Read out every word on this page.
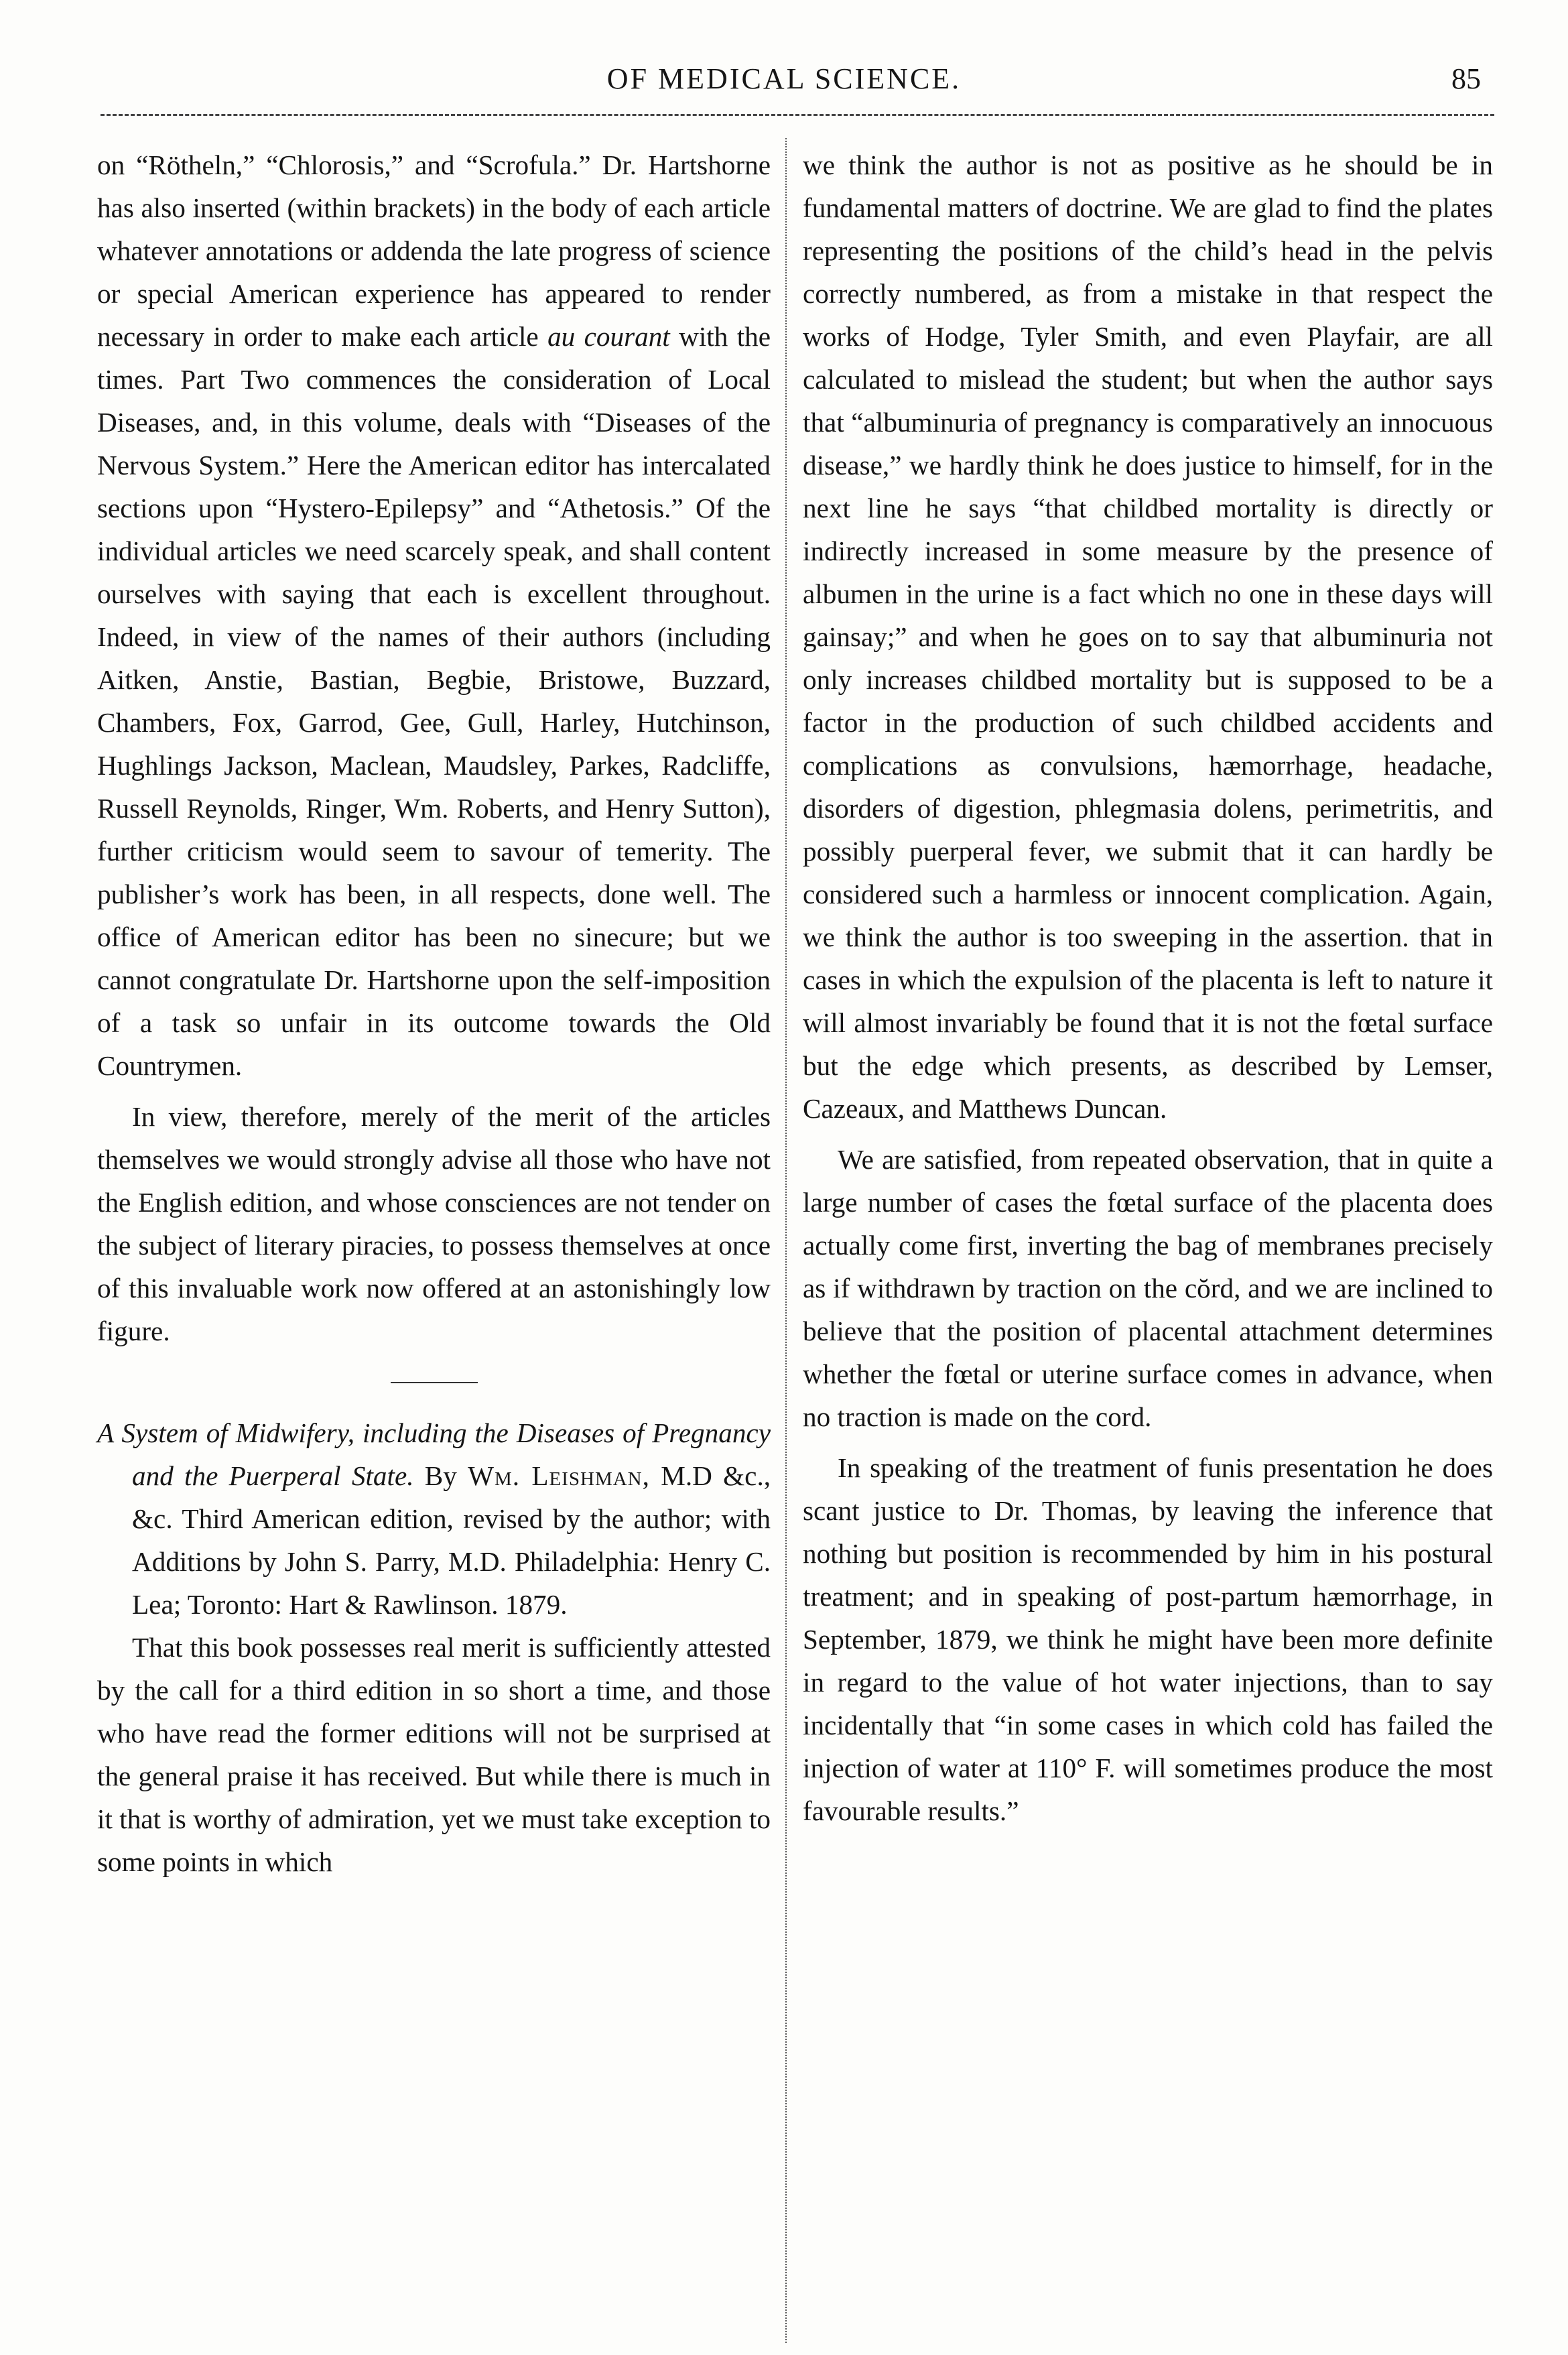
OF MEDICAL SCIENCE.	85

on “Rötheln,” “Chlorosis,” and “Scrofula.” Dr. Hartshorne has also inserted (within brackets) in the body of each article whatever annotations or addenda the late progress of science or special American experience has appeared to render necessary in order to make each article au courant with the times. Part Two commences the consideration of Local Diseases, and, in this volume, deals with “Diseases of the Nervous System.” Here the American editor has intercalated sections upon “Hystero-Epilepsy” and “Athetosis.” Of the individual articles we need scarcely speak, and shall content ourselves with saying that each is excellent throughout. Indeed, in view of the names of their authors (including Aitken, Anstie, Bastian, Begbie, Bristowe, Buzzard, Chambers, Fox, Garrod, Gee, Gull, Harley, Hutchinson, Hughlings Jackson, Maclean, Maudsley, Parkes, Radcliffe, Russell Reynolds, Ringer, Wm. Roberts, and Henry Sutton), further criticism would seem to savour of temerity. The publisher’s work has been, in all respects, done well. The office of American editor has been no sinecure; but we cannot congratulate Dr. Hartshorne upon the self-imposition of a task so unfair in its outcome towards the Old Countrymen.

In view, therefore, merely of the merit of the articles themselves we would strongly advise all those who have not the English edition, and whose consciences are not tender on the subject of literary piracies, to possess themselves at once of this invaluable work now offered at an astonishingly low figure.

A System of Midwifery, including the Diseases of Pregnancy and the Puerperal State. By Wm. Leishman, M.D &c., &c. Third American edition, revised by the author; with Additions by John S. Parry, M.D. Philadelphia: Henry C. Lea; Toronto: Hart & Rawlinson. 1879.

That this book possesses real merit is sufficiently attested by the call for a third edition in so short a time, and those who have read the former editions will not be surprised at the general praise it has received. But while there is much in it that is worthy of admiration, yet we must take exception to some points in which

we think the author is not as positive as he should be in fundamental matters of doctrine. We are glad to find the plates representing the positions of the child’s head in the pelvis correctly numbered, as from a mistake in that respect the works of Hodge, Tyler Smith, and even Playfair, are all calculated to mislead the student; but when the author says that “albuminuria of pregnancy is comparatively an innocuous disease,” we hardly think he does justice to himself, for in the next line he says “that childbed mortality is directly or indirectly increased in some measure by the presence of albumen in the urine is a fact which no one in these days will gainsay;” and when he goes on to say that albuminuria not only increases childbed mortality but is supposed to be a factor in the production of such childbed accidents and complications as convulsions, hæmorrhage, headache, disorders of digestion, phlegmasia dolens, perimetritis, and possibly puerperal fever, we submit that it can hardly be considered such a harmless or innocent complication. Again, we think the author is too sweeping in the assertion. that in cases in which the expulsion of the placenta is left to nature it will almost invariably be found that it is not the fœtal surface but the edge which presents, as described by Lemser, Cazeaux, and Matthews Duncan.

We are satisfied, from repeated observation, that in quite a large number of cases the fœtal surface of the placenta does actually come first, inverting the bag of membranes precisely as if withdrawn by traction on the cŏrd, and we are inclined to believe that the position of placental attachment determines whether the fœtal or uterine surface comes in advance, when no traction is made on the cord.

In speaking of the treatment of funis presentation he does scant justice to Dr. Thomas, by leaving the inference that nothing but position is recommended by him in his postural treatment; and in speaking of post-partum hæmorrhage, in September, 1879, we think he might have been more definite in regard to the value of hot water injections, than to say incidentally that “in some cases in which cold has failed the injection of water at 110° F. will sometimes produce the most favourable results.”
